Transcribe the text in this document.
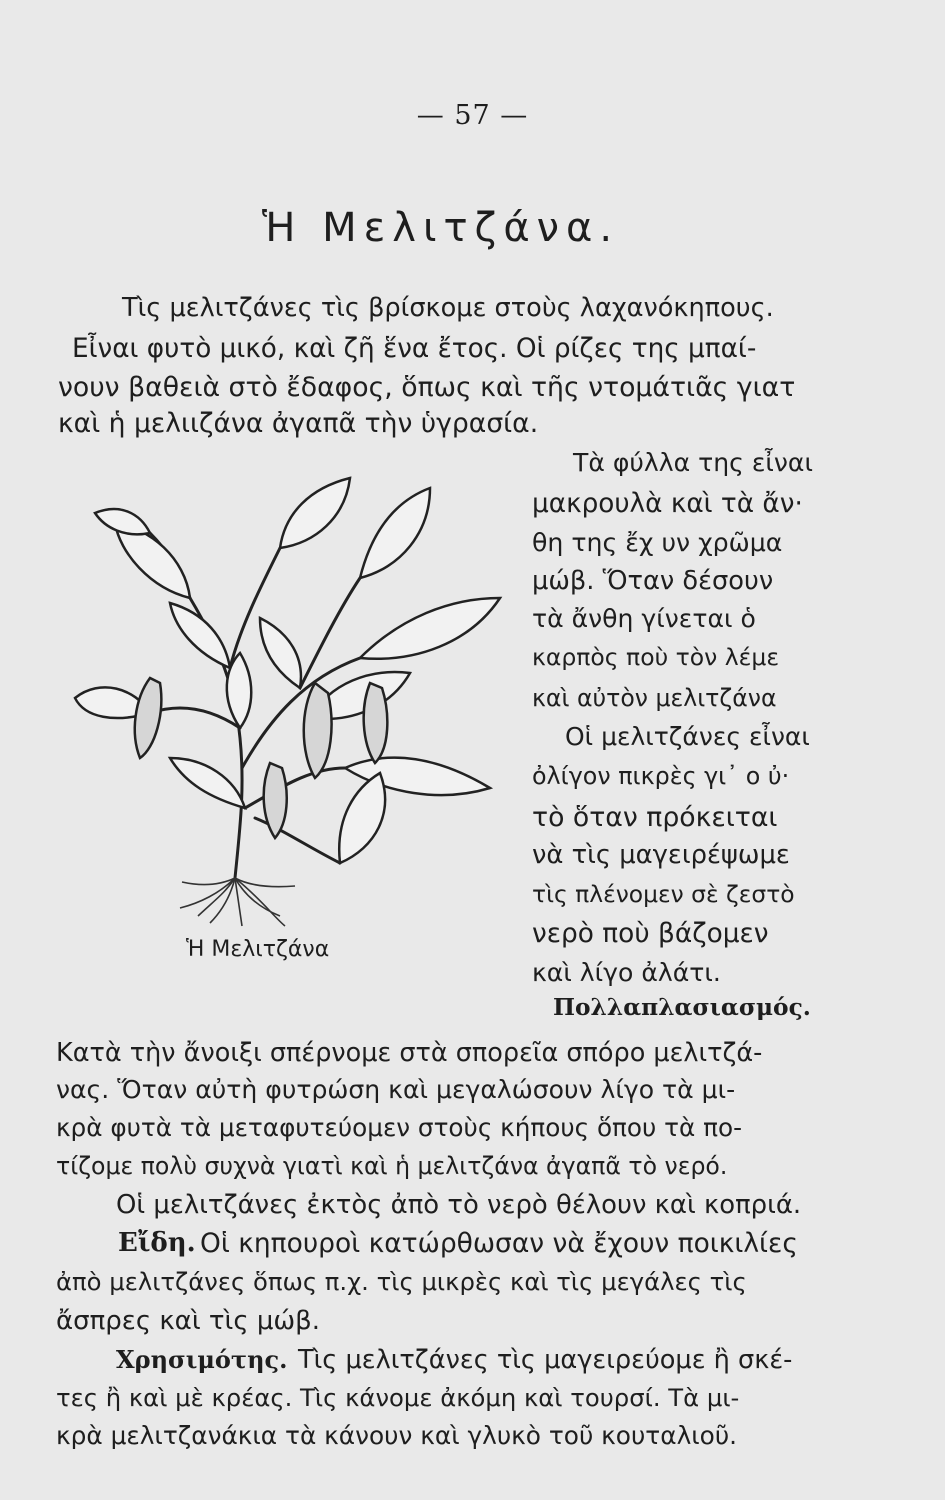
— 57 —
Ἡ Μελιτζάνα.
Τὶς μελιτζάνες τὶς βρίσκομε στοὺς λαχανόκηπους.
Εἶναι φυτὸ μικό, καὶ ζῆ ἕνα ἔτος. Οἱ ρίζες της μπαί-
νουν βαθειὰ στὸ ἔδαφος, ὅπως καὶ τῆς ντομάτιᾶς γιατ
καὶ ἡ μελιιζάνα ἀγαπᾶ τὴν ὑγρασία.
Τὰ φύλλα της εἶναι
μακρουλὰ καὶ τὰ ἄν·
θη της ἔχ υν χρῶμα
μώβ. Ὅταν δέσουν
τὰ ἄνθη γίνεται ὁ
καρπὸς ποὺ τὸν λέμε
καὶ αὐτὸν μελιτζάνα
Οἱ μελιτζάνες εἶναι
ὀλίγον πικρὲς γι᾽ ο ὐ·
τὸ ὅταν πρόκειται
νὰ τὶς μαγειρέψωμε
τὶς πλένομεν σὲ ζεστὸ
νερὸ ποὺ βάζομεν
καὶ λίγο ἀλάτι.
Ἡ Μελιτζάνα
Πολλαπλασιασμός.
Κατὰ τὴν ἄνοιξι σπέρνομε στὰ σπορεῖα σπόρο μελιτζά-
νας. Ὅταν αὐτὴ φυτρώση καὶ μεγαλώσουν λίγο τὰ μι-
κρὰ φυτὰ τὰ μεταφυτεύομεν στοὺς κήπους ὅπου τὰ πο-
τίζομε πολὺ συχνὰ γιατὶ καὶ ἡ μελιτζάνα ἀγαπᾶ τὸ νερό.
Οἱ μελιτζάνες ἐκτὸς ἀπὸ τὸ νερὸ θέλουν καὶ κοπριά.
Εἴδη. Οἱ κηπουροὶ κατώρθωσαν νὰ ἔχουν ποικιλίες
ἀπὸ μελιτζάνες ὅπως π.χ. τὶς μικρὲς καὶ τὶς μεγάλες τὶς
ἄσπρες καὶ τὶς μώβ.
Χρησιμότης. Τὶς μελιτζάνες τὶς μαγειρεύομε ἢ σκέ-
τες ἢ καὶ μὲ κρέας. Τὶς κάνομε ἀκόμη καὶ τουρσί. Τὰ μι-
κρὰ μελιτζανάκια τὰ κάνουν καὶ γλυκὸ τοῦ κουταλιοῦ.
